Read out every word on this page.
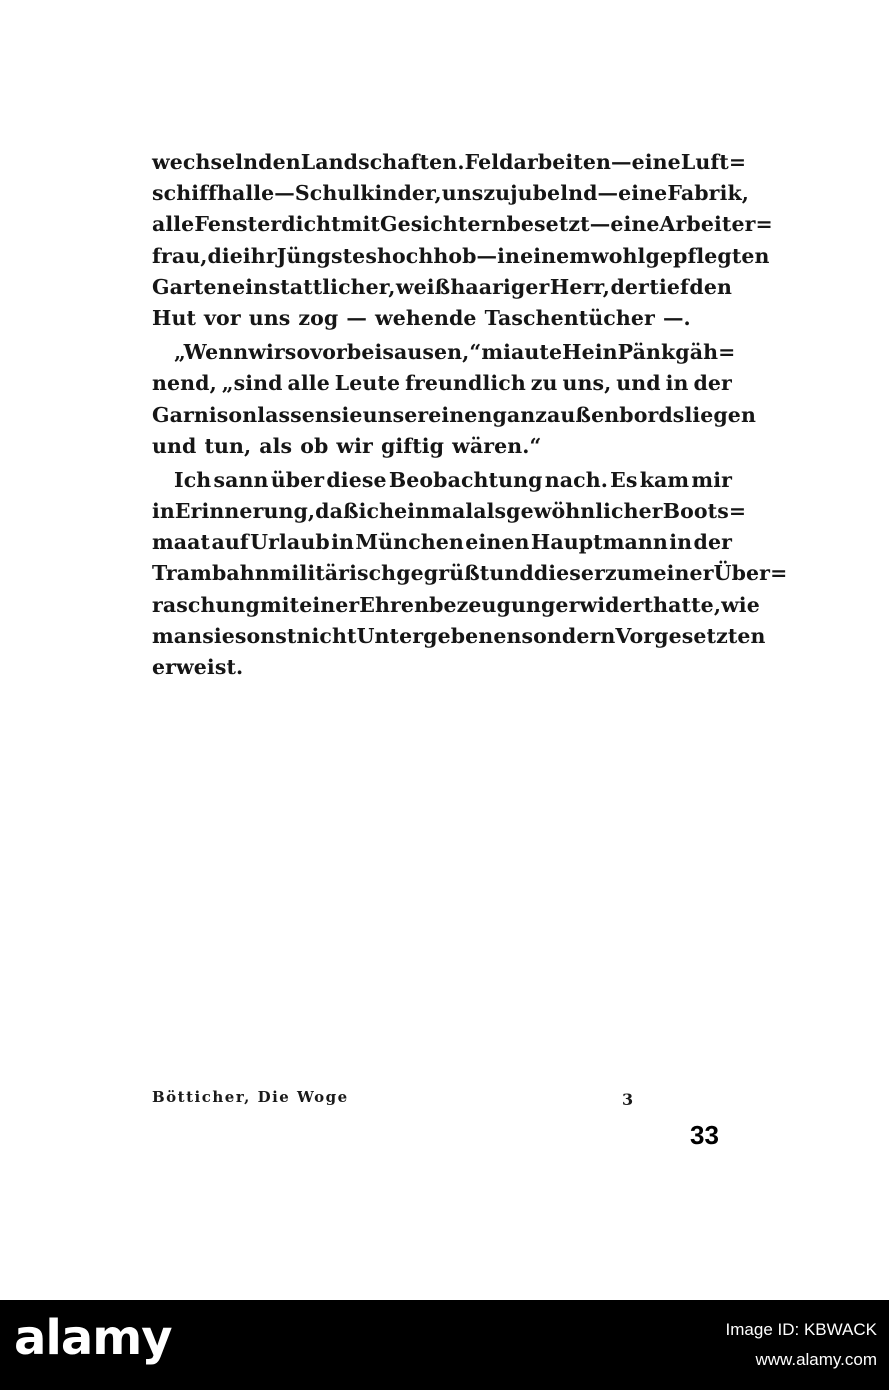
wechselnden Landschaften. Feldarbeiten — eine Luft=
schiffhalle — Schulkinder, uns zujubelnd — eine Fabrik,
alle Fenster dicht mit Gesichtern besetzt — eine Arbeiter=
frau, die ihr Jüngstes hochhob — in einem wohlgepflegten
Garten ein stattlicher, weißhaariger Herr, der tief den
Hut vor uns zog — wehende Taschentücher —.
„Wenn wir so vorbeisausen,“ miaute Hein Pänk gäh=
nend, „sind alle Leute freundlich zu uns, und in der
Garnison lassen sie unsereinen ganz außenbords liegen
und tun, als ob wir giftig wären.“
Ich sann über diese Beobachtung nach. Es kam mir
in Erinnerung, daß ich einmal als gewöhnlicher Boots=
maat auf Urlaub in München einen Hauptmann in der
Trambahn militärisch gegrüßt und dieser zu meiner Über=
raschung mit einer Ehrenbezeugung erwidert hatte, wie
man sie sonst nicht Untergebenen sondern Vorgesetzten
erweist.
Bötticher, Die Woge	3
33
alamy	Image ID: KBWACK
www.alamy.com
